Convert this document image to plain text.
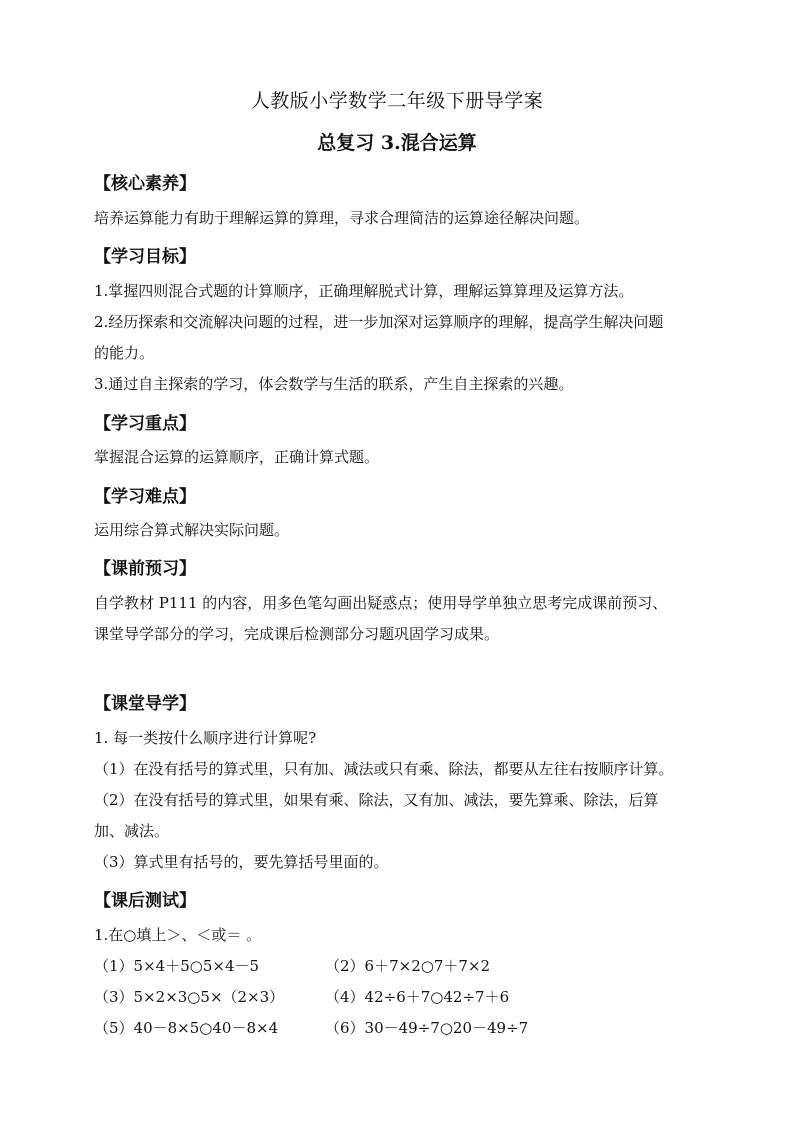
人教版小学数学二年级下册导学案
总复习 3.混合运算
【核心素养】
培养运算能力有助于理解运算的算理，寻求合理简洁的运算途径解决问题。
【学习目标】
1.掌握四则混合式题的计算顺序，正确理解脱式计算，理解运算算理及运算方法。
2.经历探索和交流解决问题的过程，进一步加深对运算顺序的理解，提高学生解决问题
的能力。
3.通过自主探索的学习，体会数学与生活的联系，产生自主探索的兴趣。
【学习重点】
掌握混合运算的运算顺序，正确计算式题。
【学习难点】
运用综合算式解决实际问题。
【课前预习】
自学教材 P111 的内容，用多色笔勾画出疑惑点；使用导学单独立思考完成课前预习、
课堂导学部分的学习，完成课后检测部分习题巩固学习成果。
【课堂导学】
1. 每一类按什么顺序进行计算呢?
（1）在没有括号的算式里，只有加、减法或只有乘、除法，都要从左往右按顺序计算。
（2）在没有括号的算式里，如果有乘、除法，又有加、减法，要先算乘、除法，后算
加、减法。
（3）算式里有括号的，要先算括号里面的。
【课后测试】
1.在○填上＞、＜或＝ 。
（1）5×4＋5○5×4－5	（2）6＋7×2○7＋7×2
（3）5×2×3○5×（2×3）	（4）42÷6＋7○42÷7＋6
（5）40－8×5○40－8×4	（6）30－49÷7○20－49÷7
